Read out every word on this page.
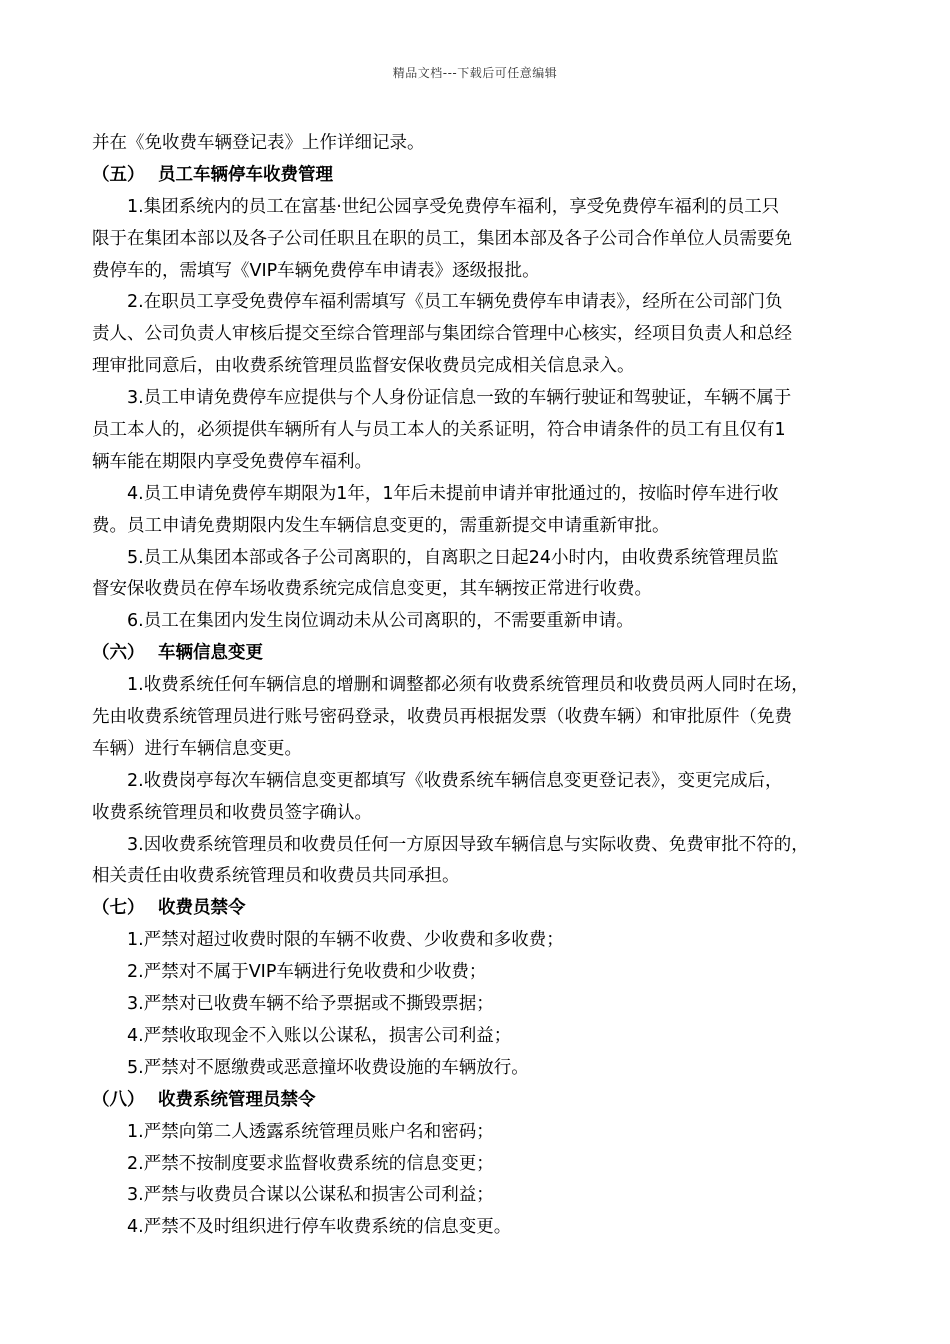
精品文档---下载后可任意编辑
并在《免收费车辆登记表》上作详细记录。
（五） 员工车辆停车收费管理
1.集团系统内的员工在富基·世纪公园享受免费停车福利，享受免费停车福利的员工只
限于在集团本部以及各子公司任职且在职的员工，集团本部及各子公司合作单位人员需要免
费停车的，需填写《VIP车辆免费停车申请表》逐级报批。
2.在职员工享受免费停车福利需填写《员工车辆免费停车申请表》，经所在公司部门负
责人、公司负责人审核后提交至综合管理部与集团综合管理中心核实，经项目负责人和总经
理审批同意后，由收费系统管理员监督安保收费员完成相关信息录入。
3.员工申请免费停车应提供与个人身份证信息一致的车辆行驶证和驾驶证，车辆不属于
员工本人的，必须提供车辆所有人与员工本人的关系证明，符合申请条件的员工有且仅有1
辆车能在期限内享受免费停车福利。
4.员工申请免费停车期限为1年，1年后未提前申请并审批通过的，按临时停车进行收
费。员工申请免费期限内发生车辆信息变更的，需重新提交申请重新审批。
5.员工从集团本部或各子公司离职的，自离职之日起24小时内，由收费系统管理员监
督安保收费员在停车场收费系统完成信息变更，其车辆按正常进行收费。
6.员工在集团内发生岗位调动未从公司离职的，不需要重新申请。
（六） 车辆信息变更
1.收费系统任何车辆信息的增删和调整都必须有收费系统管理员和收费员两人同时在场，
先由收费系统管理员进行账号密码登录，收费员再根据发票（收费车辆）和审批原件（免费
车辆）进行车辆信息变更。
2.收费岗亭每次车辆信息变更都填写《收费系统车辆信息变更登记表》，变更完成后，
收费系统管理员和收费员签字确认。
3.因收费系统管理员和收费员任何一方原因导致车辆信息与实际收费、免费审批不符的，
相关责任由收费系统管理员和收费员共同承担。
（七） 收费员禁令
1.严禁对超过收费时限的车辆不收费、少收费和多收费；
2.严禁对不属于VIP车辆进行免收费和少收费；
3.严禁对已收费车辆不给予票据或不撕毁票据；
4.严禁收取现金不入账以公谋私，损害公司利益；
5.严禁对不愿缴费或恶意撞坏收费设施的车辆放行。
（八） 收费系统管理员禁令
1.严禁向第二人透露系统管理员账户名和密码；
2.严禁不按制度要求监督收费系统的信息变更；
3.严禁与收费员合谋以公谋私和损害公司利益；
4.严禁不及时组织进行停车收费系统的信息变更。
